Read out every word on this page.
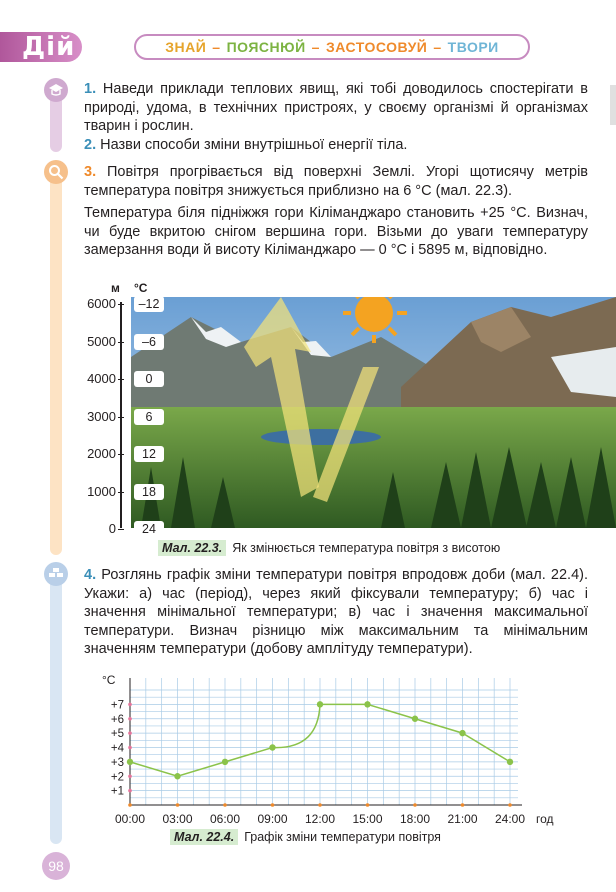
Дій	ЗНАЙ – ПОЯСНЮЙ – ЗАСТОСОВУЙ – ТВОРИ
1. Наведи приклади теплових явищ, які тобі доводилось спостерігати в природі, удома, в технічних пристроях, у своєму організмі й організмах тварин і рослин.
2. Назви способи зміни внутрішньої енергії тіла.
3. Повітря прогрівається від поверхні Землі. Угорі щотисячу метрів температура повітря знижується приблизно на 6 °С (мал. 22.3).
Температура біля підніжжя гори Кіліманджаро становить +25 °С. Визнач, чи буде вкритою снігом вершина гори. Візьми до уваги температуру замерзання води й висоту Кіліманджаро — 0 °С і 5895 м, відповідно.
м °С
6000
5000
4000
3000
2000
1000
0
–12
–6
0
6
12
18
24
Мал. 22.3. Як змінюється температура повітря з висотою
4. Розглянь графік зміни температури повітря впродовж доби (мал. 22.4). Укажи: а) час (період), через який фіксували температуру; б) час і значення мінімальної температури; в) час і значення максимальної температури. Визнач різницю між максимальним та мінімальним значенням температури (добову амплітуду температури).
°С
+1
+2
+3
+4
+5
+6
+7
00:00 03:00 06:00 09:00 12:00 15:00 18:00 21:00 24:00 год
Мал. 22.4. Графік зміни температури повітря
98
